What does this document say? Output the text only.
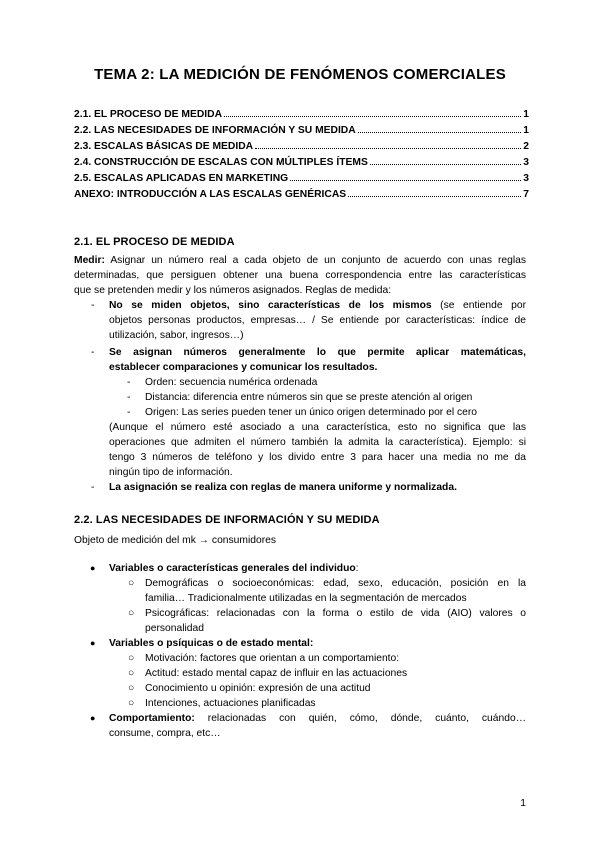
TEMA 2: LA MEDICIÓN DE FENÓMENOS COMERCIALES
2.1. EL PROCESO DE MEDIDA	1
2.2. LAS NECESIDADES DE INFORMACIÓN Y SU MEDIDA	1
2.3. ESCALAS BÁSICAS DE MEDIDA	2
2.4. CONSTRUCCIÓN DE ESCALAS CON MÚLTIPLES ÍTEMS	3
2.5. ESCALAS APLICADAS EN MARKETING	3
ANEXO: INTRODUCCIÓN A LAS ESCALAS GENÉRICAS	7
2.1. EL PROCESO DE MEDIDA
Medir: Asignar un número real a cada objeto de un conjunto de acuerdo con unas reglas
determinadas, que persiguen obtener una buena correspondencia entre las características
que se pretenden medir y los números asignados. Reglas de medida:
- No se miden objetos, sino características de los mismos (se entiende por
objetos personas productos, empresas… / Se entiende por características: índice de
utilización, sabor, ingresos…)
- Se asignan números generalmente lo que permite aplicar matemáticas,
establecer comparaciones y comunicar los resultados.
- Orden: secuencia numérica ordenada
- Distancia: diferencia entre números sin que se preste atención al origen
- Origen: Las series pueden tener un único origen determinado por el cero
(Aunque el número esté asociado a una característica, esto no significa que las
operaciones que admiten el número también la admita la característica). Ejemplo: si
tengo 3 números de teléfono y los divido entre 3 para hacer una media no me da
ningún tipo de información.
- La asignación se realiza con reglas de manera uniforme y normalizada.
2.2. LAS NECESIDADES DE INFORMACIÓN Y SU MEDIDA
Objeto de medición del mk → consumidores
● Variables o características generales del individuo:
○ Demográficas o socioeconómicas: edad, sexo, educación, posición en la
familia… Tradicionalmente utilizadas en la segmentación de mercados
○ Psicográficas: relacionadas con la forma o estilo de vida (AIO) valores o
personalidad
● Variables o psíquicas o de estado mental:
○ Motivación: factores que orientan a un comportamiento:
○ Actitud: estado mental capaz de influir en las actuaciones
○ Conocimiento u opinión: expresión de una actitud
○ Intenciones, actuaciones planificadas
● Comportamiento: relacionadas con quién, cómo, dónde, cuánto, cuándo…
consume, compra, etc…
1
